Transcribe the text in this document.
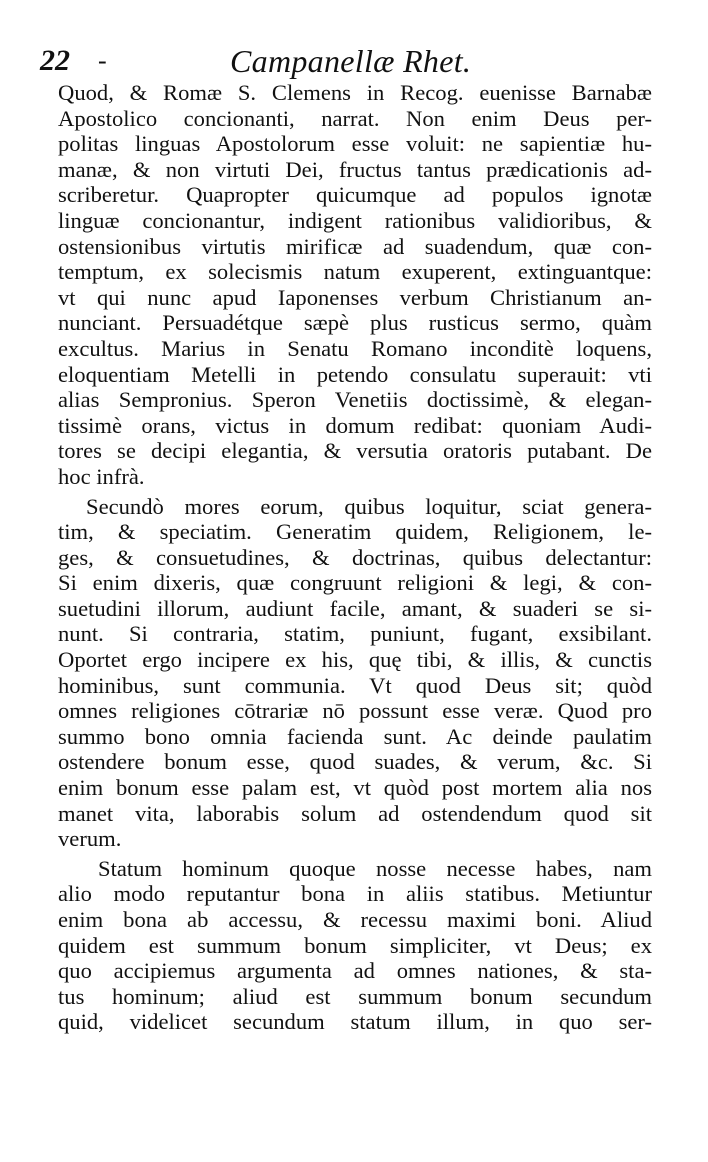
22 -	Campanellæ Rhet.
Quod, & Romæ S. Clemens in Recog. euenisse Barnabæ
Apostolico concionanti, narrat. Non enim Deus per-
politas linguas Apostolorum esse voluit: ne sapientiæ hu-
manæ, & non virtuti Dei, fructus tantus prædicationis ad-
scriberetur. Quapropter quicumque ad populos ignotæ
linguæ concionantur, indigent rationibus validioribus, &
ostensionibus virtutis mirificæ ad suadendum, quæ con-
temptum, ex solecismis natum exuperent, extinguantque:
vt qui nunc apud Iaponenses verbum Christianum an-
nunciant. Persuadétque sæpè plus rusticus sermo, quàm
excultus. Marius in Senatu Romano inconditè loquens,
eloquentiam Metelli in petendo consulatu superauit: vti
alias Sempronius. Speron Venetiis doctissimè, & elegan-
tissimè orans, victus in domum redibat: quoniam Audi-
tores se decipi elegantia, & versutia oratoris putabant. De
hoc infrà.
Secundò mores eorum, quibus loquitur, sciat genera-
tim, & speciatim. Generatim quidem, Religionem, le-
ges, & consuetudines, & doctrinas, quibus delectantur:
Si enim dixeris, quæ congruunt religioni & legi, & con-
suetudini illorum, audiunt facile, amant, & suaderi se si-
nunt. Si contraria, statim, puniunt, fugant, exsibilant.
Oportet ergo incipere ex his, quę tibi, & illis, & cunctis
hominibus, sunt communia. Vt quod Deus sit; quòd
omnes religiones cōtrariæ nō possunt esse veræ. Quod pro
summo bono omnia facienda sunt. Ac deinde paulatim
ostendere bonum esse, quod suades, & verum, &c. Si
enim bonum esse palam est, vt quòd post mortem alia nos
manet vita, laborabis solum ad ostendendum quod sit
verum.
Statum hominum quoque nosse necesse habes, nam
alio modo reputantur bona in aliis statibus. Metiuntur
enim bona ab accessu, & recessu maximi boni. Aliud
quidem est summum bonum simpliciter, vt Deus; ex
quo accipiemus argumenta ad omnes nationes, & sta-
tus hominum; aliud est summum bonum secundum
quid, videlicet secundum statum illum, in quo ser-
